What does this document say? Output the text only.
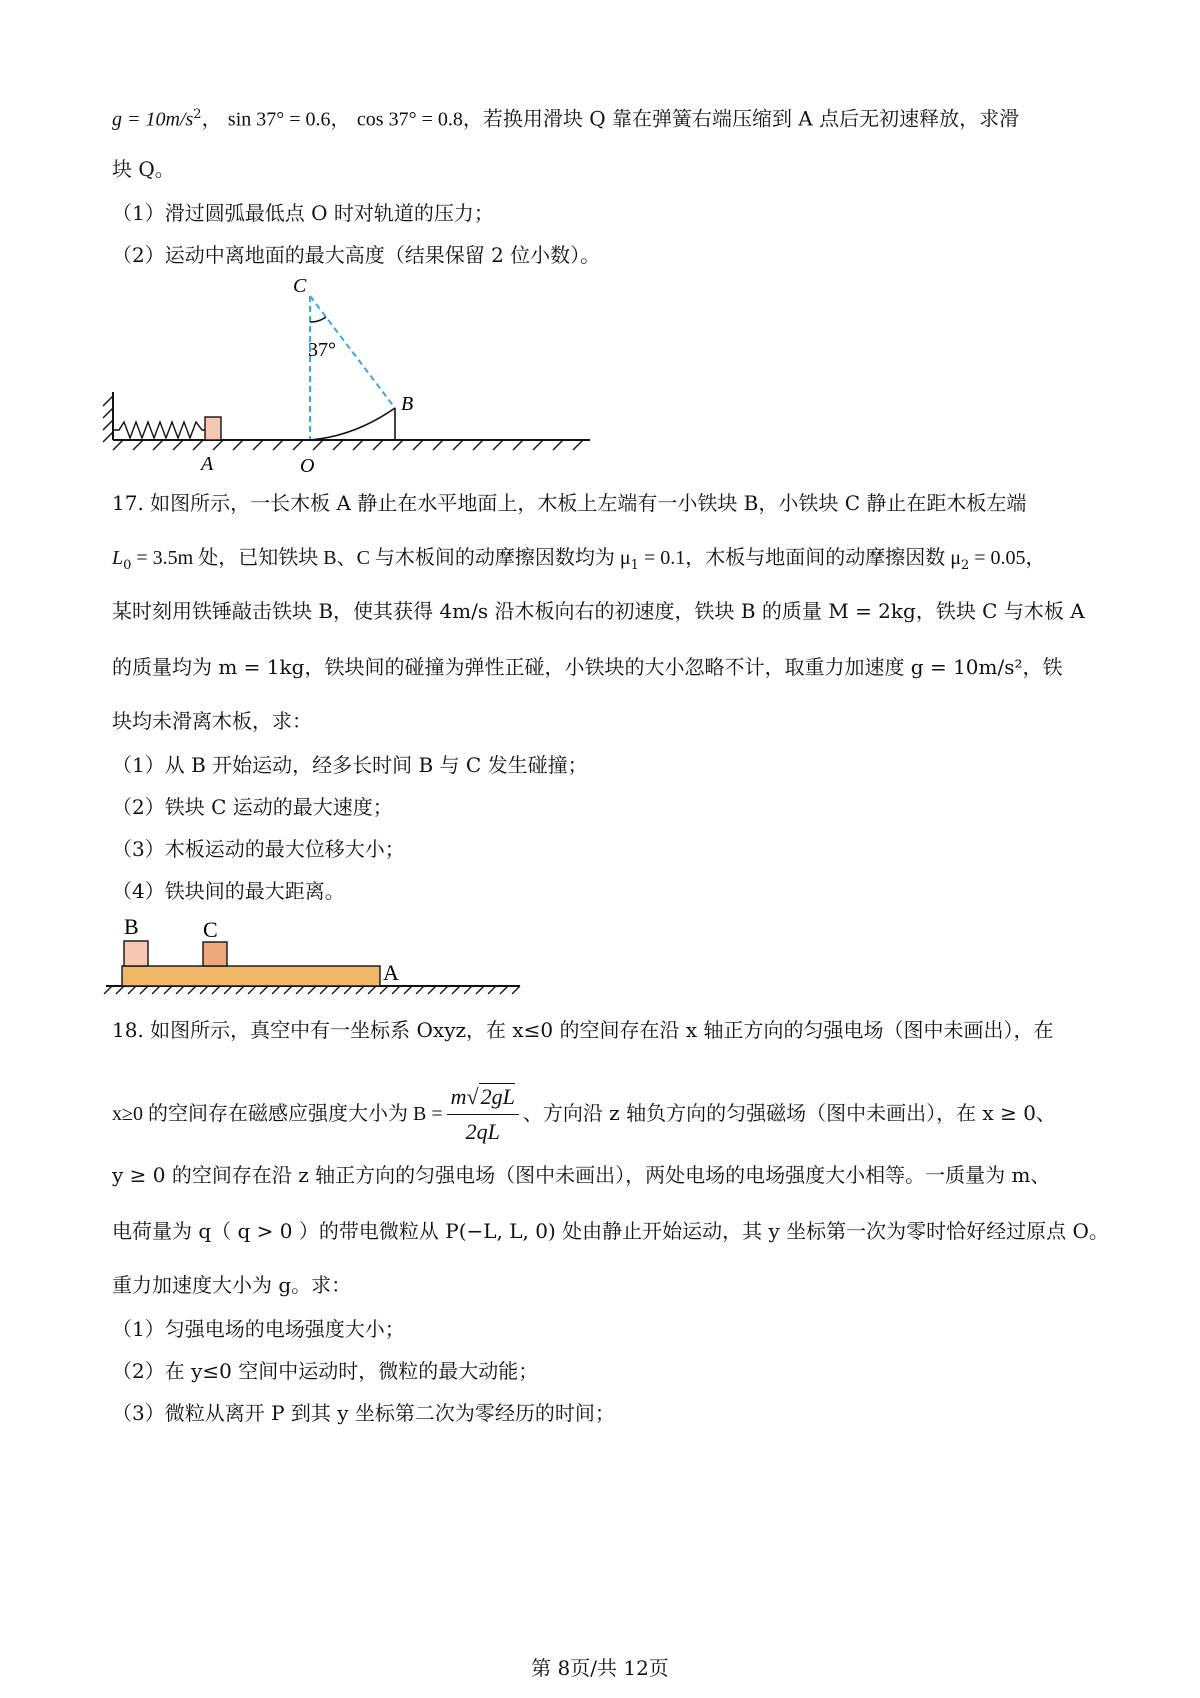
$g = 10m/s^2$， sin 37° = 0.6， cos 37° = 0.8，若换用滑块 Q 靠在弹簧右端压缩到 A 点后无初速释放，求滑
块 Q。
（1）滑过圆弧最低点 O 时对轨道的压力；
（2）运动中离地面的最大高度（结果保留 2 位小数）。
C
37°
B
A	O
17. 如图所示，一长木板 A 静止在水平地面上，木板上左端有一小铁块 B，小铁块 C 静止在距木板左端
$L_0 = 3.5m$ 处，已知铁块 B、C 与木板间的动摩擦因数均为 $\mu_1 = 0.1$，木板与地面间的动摩擦因数 $\mu_2 = 0.05$，
某时刻用铁锤敲击铁块 B，使其获得 4m/s 沿木板向右的初速度，铁块 B 的质量 M = 2kg，铁块 C 与木板 A
的质量均为 m = 1kg，铁块间的碰撞为弹性正碰，小铁块的大小忽略不计，取重力加速度 g = 10m/s²，铁
块均未滑离木板，求：
（1）从 B 开始运动，经多长时间 B 与 C 发生碰撞；
（2）铁块 C 运动的最大速度；
（3）木板运动的最大位移大小；
（4）铁块间的最大距离。
B	C
A
18. 如图所示，真空中有一坐标系 Oxyz，在 x≤0 的空间存在沿 x 轴正方向的匀强电场（图中未画出），在
x≥0 的空间存在磁感应强度大小为 $B = \frac{m√2gL}{2qL}$ 、方向沿 z 轴负方向的匀强磁场（图中未画出），在 x ≥ 0、
y ≥ 0 的空间存在沿 z 轴正方向的匀强电场（图中未画出），两处电场的电场强度大小相等。一质量为 m、
电荷量为 q（ q > 0 ）的带电微粒从 P(−L, L, 0) 处由静止开始运动，其 y 坐标第一次为零时恰好经过原点 O。
重力加速度大小为 g。求：
（1）匀强电场的电场强度大小；
（2）在 y≤0 空间中运动时，微粒的最大动能；
（3）微粒从离开 P 到其 y 坐标第二次为零经历的时间；
第 8页/共 12页
